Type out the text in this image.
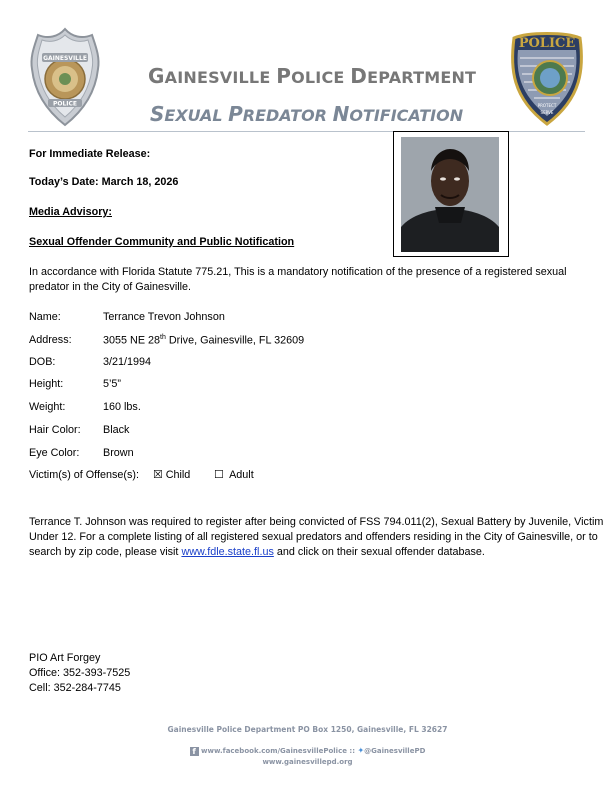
GAINESVILLE
POLICE
POLICE
PROTECT
SERVE
GAINESVILLE POLICE DEPARTMENT
SEXUAL PREDATOR NOTIFICATION
For Immediate Release:
Today’s Date: March 18, 2026
Media Advisory:
Sexual Offender Community and Public Notification
In accordance with Florida Statute 775.21, This is a mandatory notification of the presence of a registered sexual predator in the City of Gainesville.
Name:	Terrance Trevon Johnson
Address:	3055 NE 28th Drive, Gainesville, FL 32609
DOB:	3/21/1994
Height:	5’5”
Weight:	160 lbs.
Hair Color: Black
Eye Color: Brown
Victim(s) of Offense(s): ☒ Child ☐ Adult
Terrance T. Johnson was required to register after being convicted of FSS 794.011(2), Sexual Battery by Juvenile, Victim Under 12. For a complete listing of all registered sexual predators and offenders residing in the City of Gainesville, or to search by zip code, please visit www.fdle.state.fl.us and click on their sexual offender database.
PIO Art Forgey
Office: 352-393-7525
Cell: 352-284-7745
Gainesville Police Department PO Box 1250, Gainesville, FL 32627
f www.facebook.com/GainesvillePolice :: ✦@GainesvillePD
www.gainesvillepd.org
